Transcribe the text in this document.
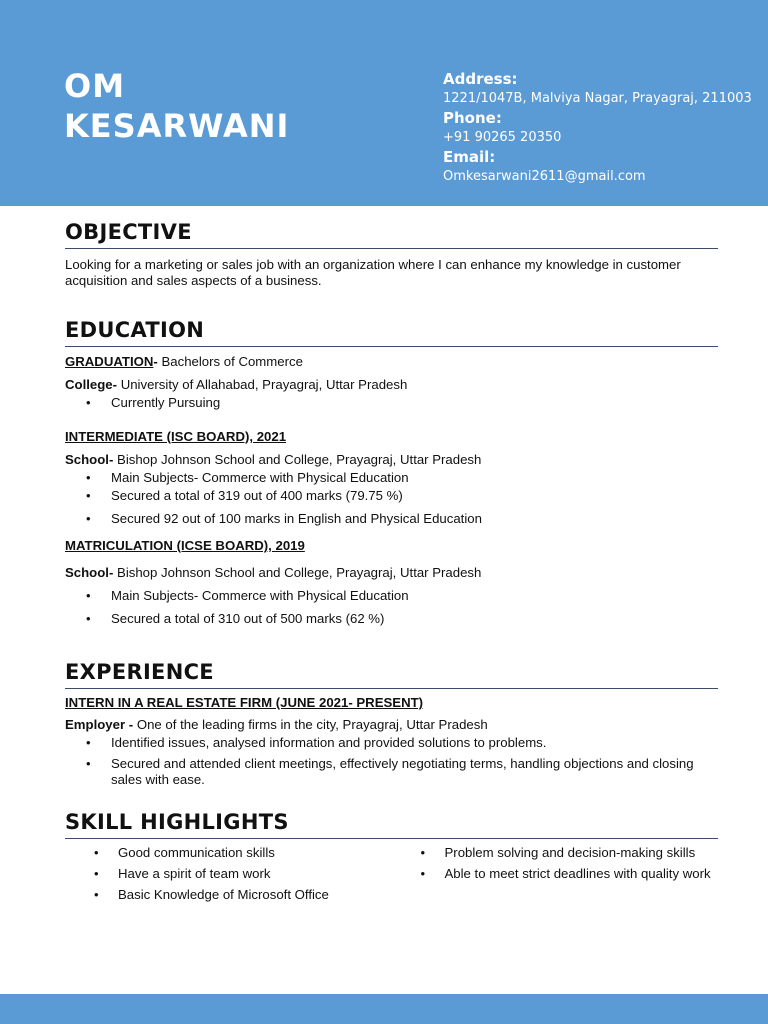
OM
KESARWANI
Address:
1221/1047B, Malviya Nagar, Prayagraj, 211003
Phone:
+91 90265 20350
Email:
Omkesarwani2611@gmail.com
OBJECTIVE

Looking for a marketing or sales job with an organization where I can enhance my knowledge in customer acquisition and sales aspects of a business.

EDUCATION

GRADUATION- Bachelors of Commerce

College- University of Allahabad, Prayagraj, Uttar Pradesh

• Currently Pursuing

INTERMEDIATE (ISC BOARD), 2021

School- Bishop Johnson School and College, Prayagraj, Uttar Pradesh

• Main Subjects- Commerce with Physical Education
• Secured a total of 319 out of 400 marks (79.75 %)
• Secured 92 out of 100 marks in English and Physical Education

MATRICULATION (ICSE BOARD), 2019

School- Bishop Johnson School and College, Prayagraj, Uttar Pradesh

• Main Subjects- Commerce with Physical Education
• Secured a total of 310 out of 500 marks (62 %)
EXPERIENCE

INTERN IN A REAL ESTATE FIRM (JUNE 2021- PRESENT)

Employer - One of the leading firms in the city, Prayagraj, Uttar Pradesh

• Identified issues, analysed information and provided solutions to problems.
• Secured and attended client meetings, effectively negotiating terms, handling objections and closing sales with ease.
SKILL HIGHLIGHTS
• Good communication skills
• Have a spirit of team work
• Basic Knowledge of Microsoft Office
• Problem solving and decision-making skills
• Able to meet strict deadlines with quality work
